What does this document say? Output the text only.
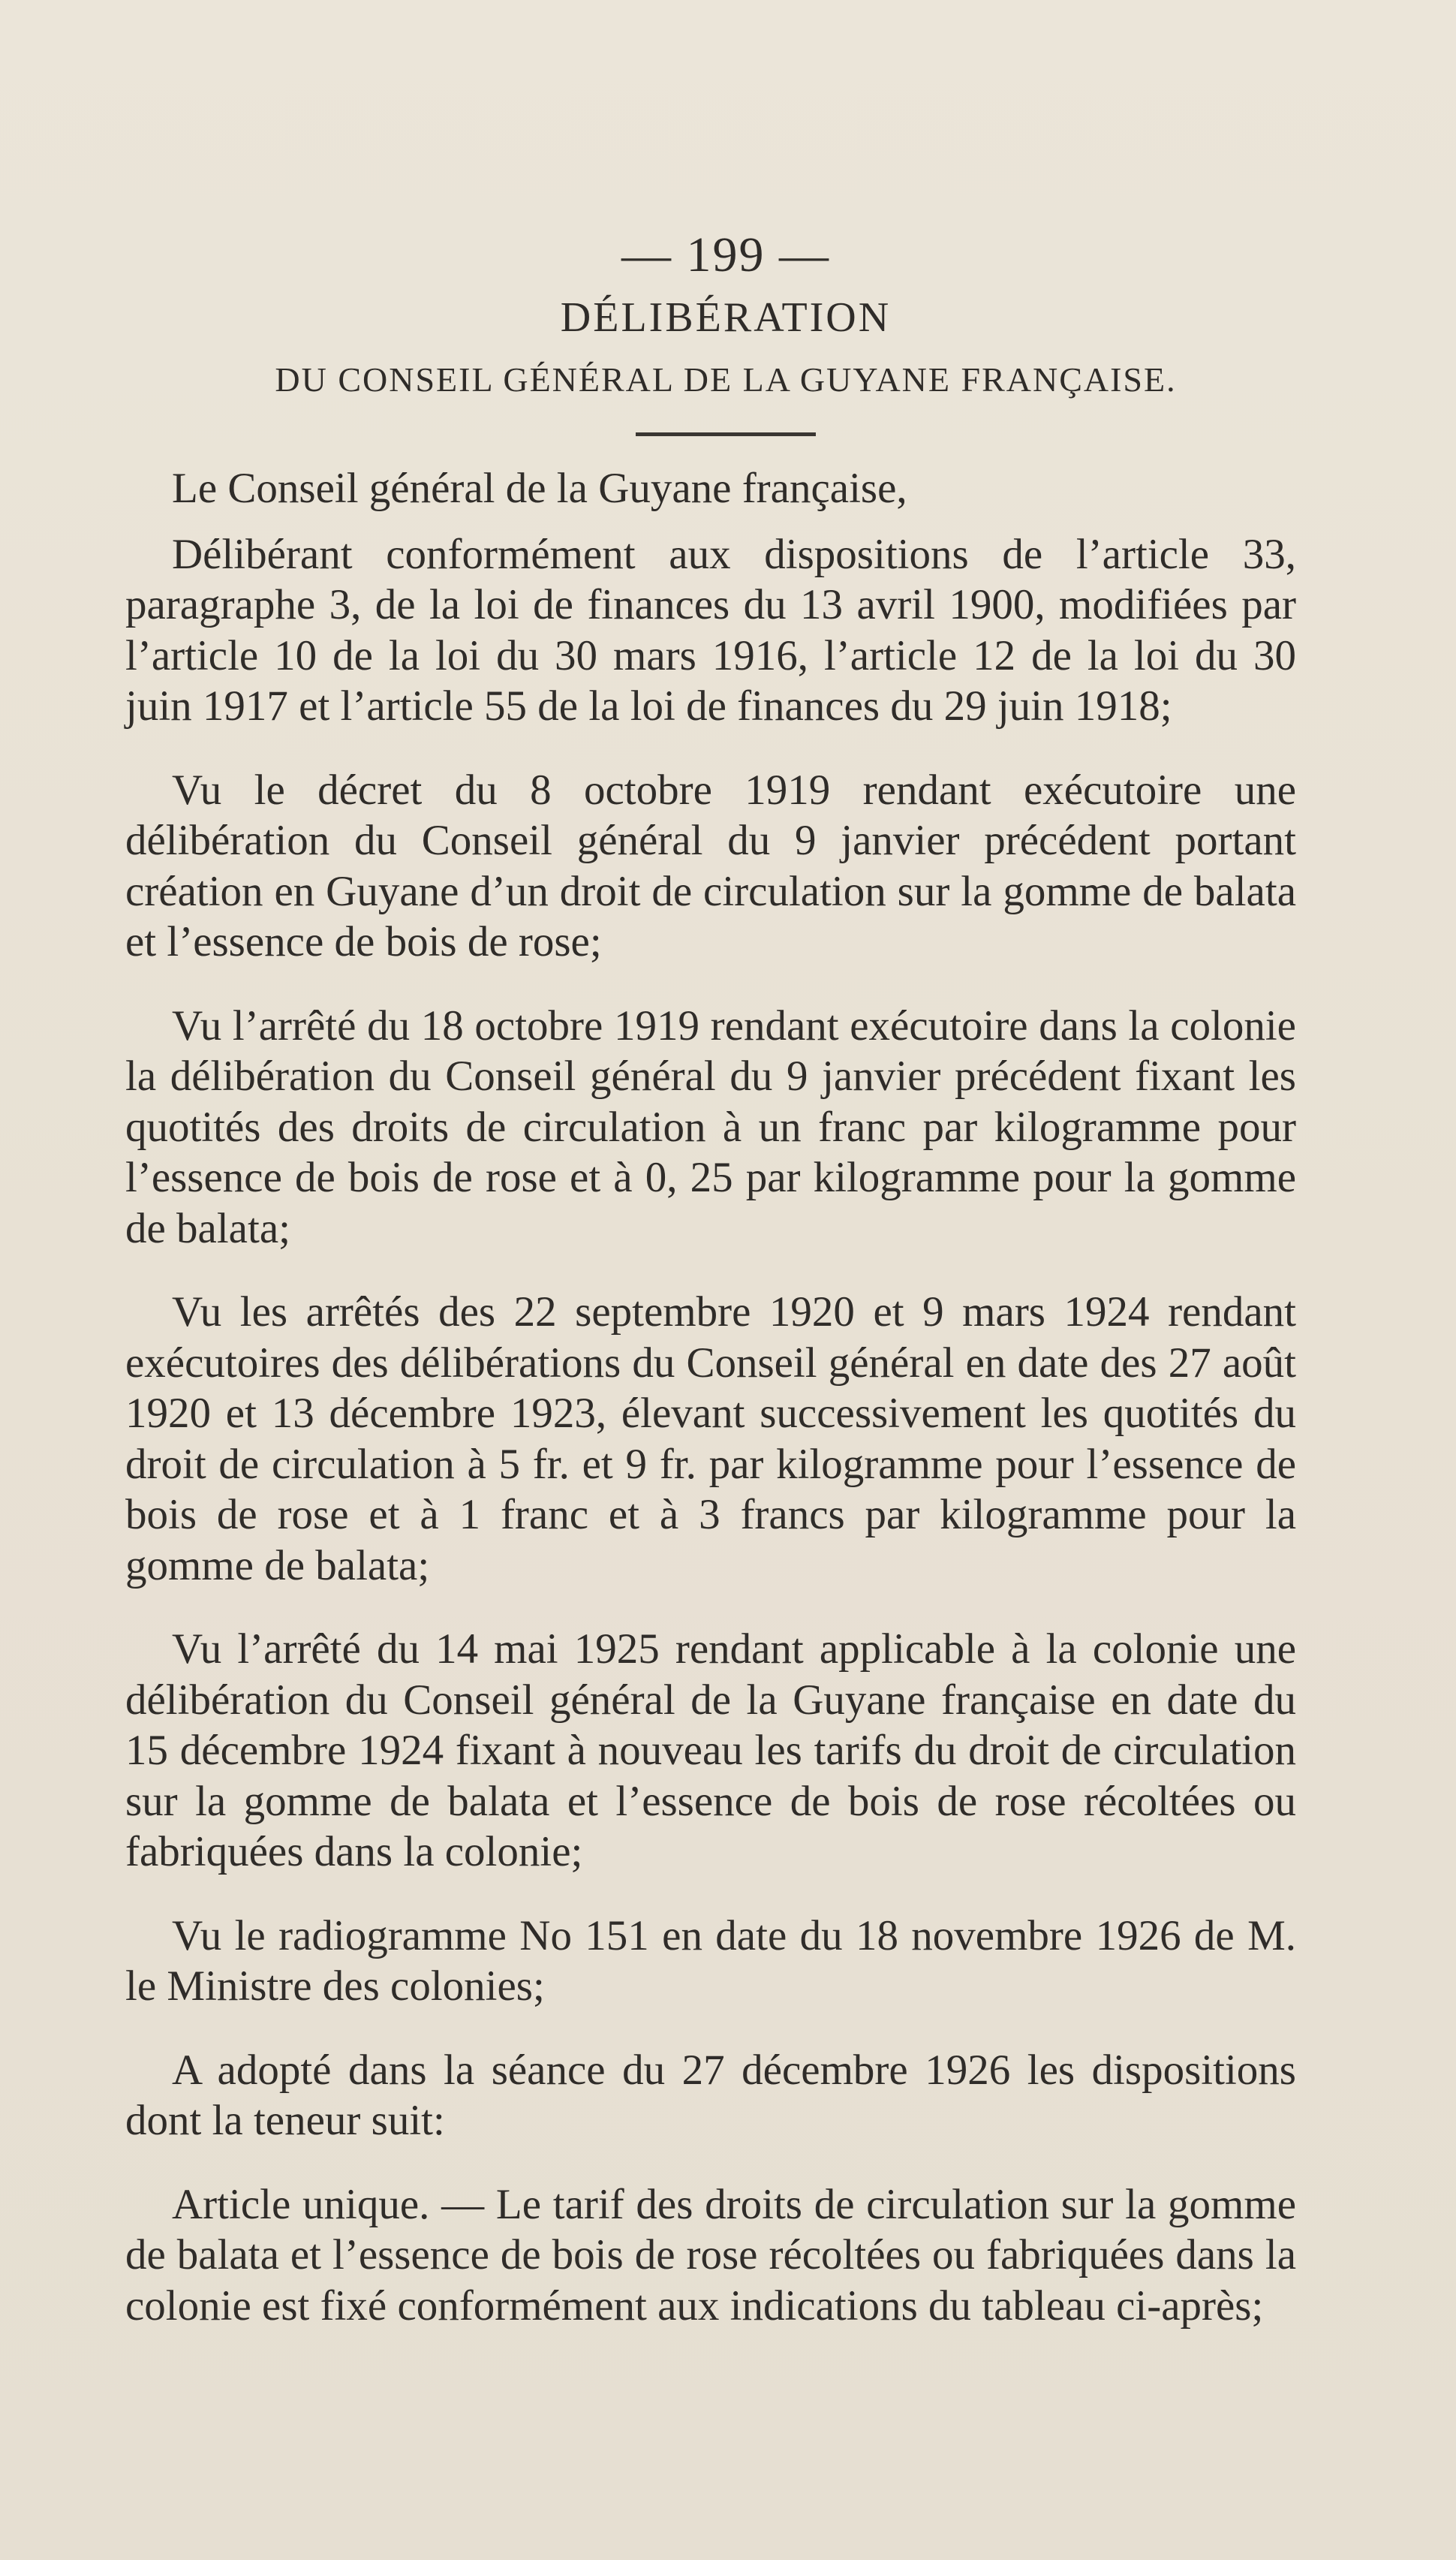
— 199 —
DÉLIBÉRATION
DU CONSEIL GÉNÉRAL DE LA GUYANE FRANÇAISE.

Le Conseil général de la Guyane française,

Délibérant conformément aux dispositions de l’article 33, paragraphe 3, de la loi de finances du 13 avril 1900, modifiées par l’article 10 de la loi du 30 mars 1916, l’article 12 de la loi du 30 juin 1917 et l’article 55 de la loi de finances du 29 juin 1918;

Vu le décret du 8 octobre 1919 rendant exécutoire une délibération du Conseil général du 9 janvier précédent portant création en Guyane d’un droit de circulation sur la gomme de balata et l’essence de bois de rose;

Vu l’arrêté du 18 octobre 1919 rendant exécutoire dans la colonie la délibération du Conseil général du 9 janvier précédent fixant les quotités des droits de circulation à un franc par kilogramme pour l’essence de bois de rose et à 0, 25 par kilogramme pour la gomme de balata;

Vu les arrêtés des 22 septembre 1920 et 9 mars 1924 rendant exécutoires des délibérations du Conseil général en date des 27 août 1920 et 13 décembre 1923, élevant successivement les quotités du droit de circulation à 5 fr. et 9 fr. par kilogramme pour l’essence de bois de rose et à 1 franc et à 3 francs par kilogramme pour la gomme de balata;

Vu l’arrêté du 14 mai 1925 rendant applicable à la colonie une délibération du Conseil général de la Guyane française en date du 15 décembre 1924 fixant à nouveau les tarifs du droit de circulation sur la gomme de balata et l’essence de bois de rose récoltées ou fabriquées dans la colonie;

Vu le radiogramme No 151 en date du 18 novembre 1926 de M. le Ministre des colonies;

A adopté dans la séance du 27 décembre 1926 les dispositions dont la teneur suit:

Article unique. — Le tarif des droits de circulation sur la gomme de balata et l’essence de bois de rose récoltées ou fabriquées dans la colonie est fixé conformément aux indications du tableau ci-après;
